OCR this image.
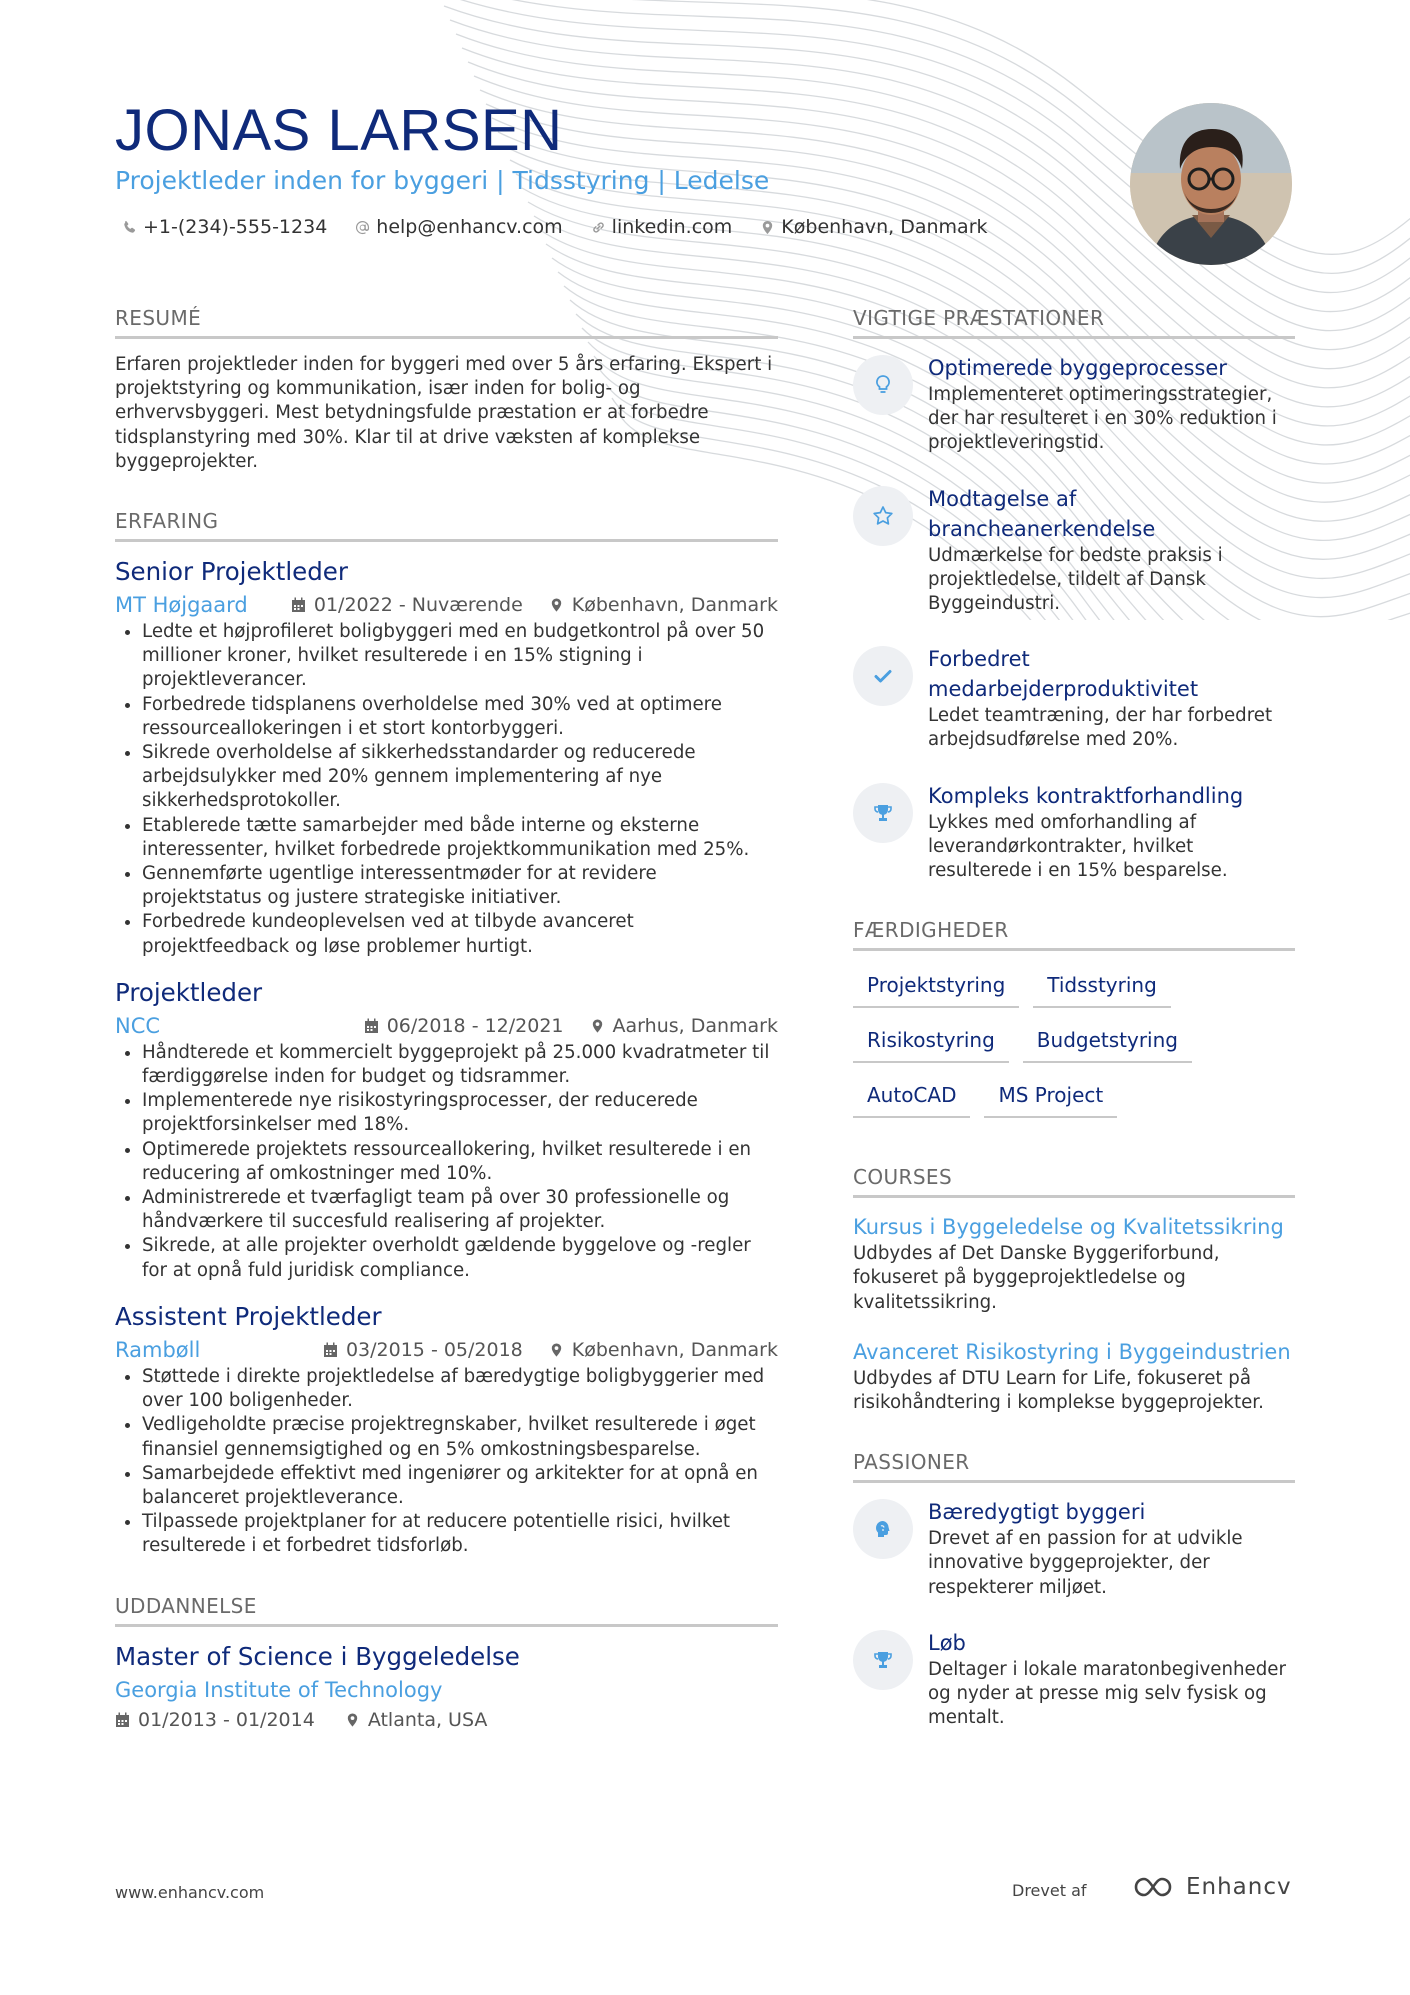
JONAS LARSEN
Projektleder inden for byggeri | Tidsstyring | Ledelse
+1-(234)-555-1234	help@enhancv.com	linkedin.com	København, Danmark
RESUMÉ

Erfaren projektleder inden for byggeri med over 5 års erfaring. Ekspert i projektstyring og kommunikation, især inden for bolig- og erhvervsbyggeri. Mest betydningsfulde præstation er at forbedre tidsplanstyring med 30%. Klar til at drive væksten af komplekse byggeprojekter.

ERFARING
Senior Projektleder
MT Højgaard	01/2022 - Nuværende	København, Danmark
• Ledte et højprofileret boligbyggeri med en budgetkontrol på over 50 millioner kroner, hvilket resulterede i en 15% stigning i projektleverancer.
• Forbedrede tidsplanens overholdelse med 30% ved at optimere ressourceallokeringen i et stort kontorbyggeri.
• Sikrede overholdelse af sikkerhedsstandarder og reducerede arbejdsulykker med 20% gennem implementering af nye sikkerhedsprotokoller.
• Etablerede tætte samarbejder med både interne og eksterne interessenter, hvilket forbedrede projektkommunikation med 25%.
• Gennemførte ugentlige interessentmøder for at revidere projektstatus og justere strategiske initiativer.
• Forbedrede kundeoplevelsen ved at tilbyde avanceret projektfeedback og løse problemer hurtigt.
Projektleder
NCC	06/2018 - 12/2021	Aarhus, Danmark
• Håndterede et kommercielt byggeprojekt på 25.000 kvadratmeter til færdiggørelse inden for budget og tidsrammer.
• Implementerede nye risikostyringsprocesser, der reducerede projektforsinkelser med 18%.
• Optimerede projektets ressourceallokering, hvilket resulterede i en reducering af omkostninger med 10%.
• Administrerede et tværfagligt team på over 30 professionelle og håndværkere til succesfuld realisering af projekter.
• Sikrede, at alle projekter overholdt gældende byggelove og -regler for at opnå fuld juridisk compliance.
Assistent Projektleder
Rambøll	03/2015 - 05/2018	København, Danmark
• Støttede i direkte projektledelse af bæredygtige boligbyggerier med over 100 boligenheder.
• Vedligeholdte præcise projektregnskaber, hvilket resulterede i øget finansiel gennemsigtighed og en 5% omkostningsbesparelse.
• Samarbejdede effektivt med ingeniører og arkitekter for at opnå en balanceret projektleverance.
• Tilpassede projektplaner for at reducere potentielle risici, hvilket resulterede i et forbedret tidsforløb.
UDDANNELSE
Master of Science i Byggeledelse
Georgia Institute of Technology
01/2013 - 01/2014	Atlanta, USA
VIGTIGE PRÆSTATIONER
Optimerede byggeprocesser
Implementeret optimeringsstrategier, der har resulteret i en 30% reduktion i projektleveringstid.
Modtagelse af brancheanerkendelse
Udmærkelse for bedste praksis i projektledelse, tildelt af Dansk Byggeindustri.
Forbedret medarbejderproduktivitet
Ledet teamtræning, der har forbedret arbejdsudførelse med 20%.
Kompleks kontraktforhandling
Lykkes med omforhandling af leverandørkontrakter, hvilket resulterede i en 15% besparelse.
FÆRDIGHEDER
Projektstyring	Tidsstyring
Risikostyring	Budgetstyring
AutoCAD	MS Project
COURSES
Kursus i Byggeledelse og Kvalitetssikring
Udbydes af Det Danske Byggeriforbund, fokuseret på byggeprojektledelse og kvalitetssikring.
Avanceret Risikostyring i Byggeindustrien
Udbydes af DTU Learn for Life, fokuseret på risikohåndtering i komplekse byggeprojekter.
PASSIONER
Bæredygtigt byggeri
Drevet af en passion for at udvikle innovative byggeprojekter, der respekterer miljøet.
Løb
Deltager i lokale maratonbegivenheder og nyder at presse mig selv fysisk og mentalt.
www.enhancv.com	Drevet af	Enhancv
